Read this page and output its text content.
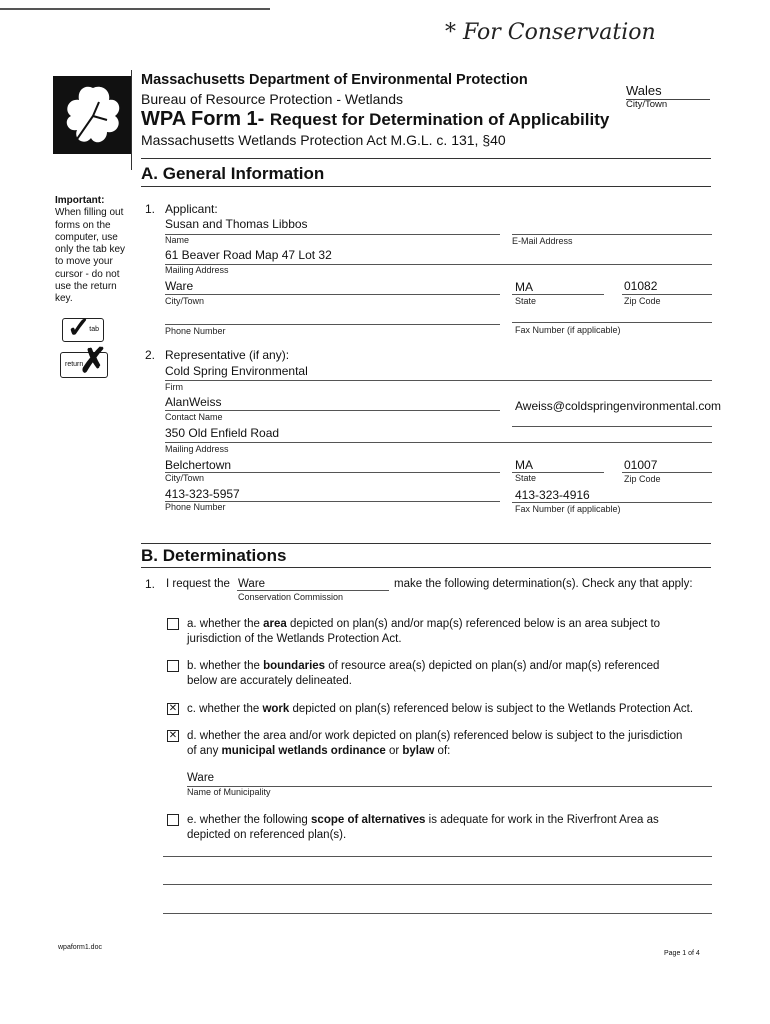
* For Conservation
Massachusetts Department of Environmental Protection
Bureau of Resource Protection - Wetlands
WPA Form 1- Request for Determination of Applicability
Massachusetts Wetlands Protection Act M.G.L. c. 131, §40
Wales
City/Town
A. General Information
Important:
When filling out forms on the computer, use only the tab key to move your cursor - do not use the return key.
✓
tab
return
✗
1. Applicant:
Susan and Thomas Libbos
Name	E-Mail Address
61 Beaver Road Map 47 Lot 32
Mailing Address
Ware
City/Town
MA
State
01082
Zip Code
Phone Number	Fax Number (if applicable)
2. Representative (if any):
Cold Spring Environmental
Firm
AlanWeiss
Contact Name
Aweiss@coldspringenvironmental.com
350 Old Enfield Road
Mailing Address
Belchertown
City/Town
MA
State
01007
Zip Code
413-323-5957
Phone Number
413-323-4916
Fax Number (if applicable)
B. Determinations
1. I request the Ware
Conservation Commission
make the following determination(s). Check any that apply:
a. whether the area depicted on plan(s) and/or map(s) referenced below is an area subject to
jurisdiction of the Wetlands Protection Act.
b. whether the boundaries of resource area(s) depicted on plan(s) and/or map(s) referenced
below are accurately delineated.
✕ c. whether the work depicted on plan(s) referenced below is subject to the Wetlands Protection Act.
✕ d. whether the area and/or work depicted on plan(s) referenced below is subject to the jurisdiction
of any municipal wetlands ordinance or bylaw of:
Ware
Name of Municipality
e. whether the following scope of alternatives is adequate for work in the Riverfront Area as
depicted on referenced plan(s).
wpaform1.doc
Page 1 of 4
